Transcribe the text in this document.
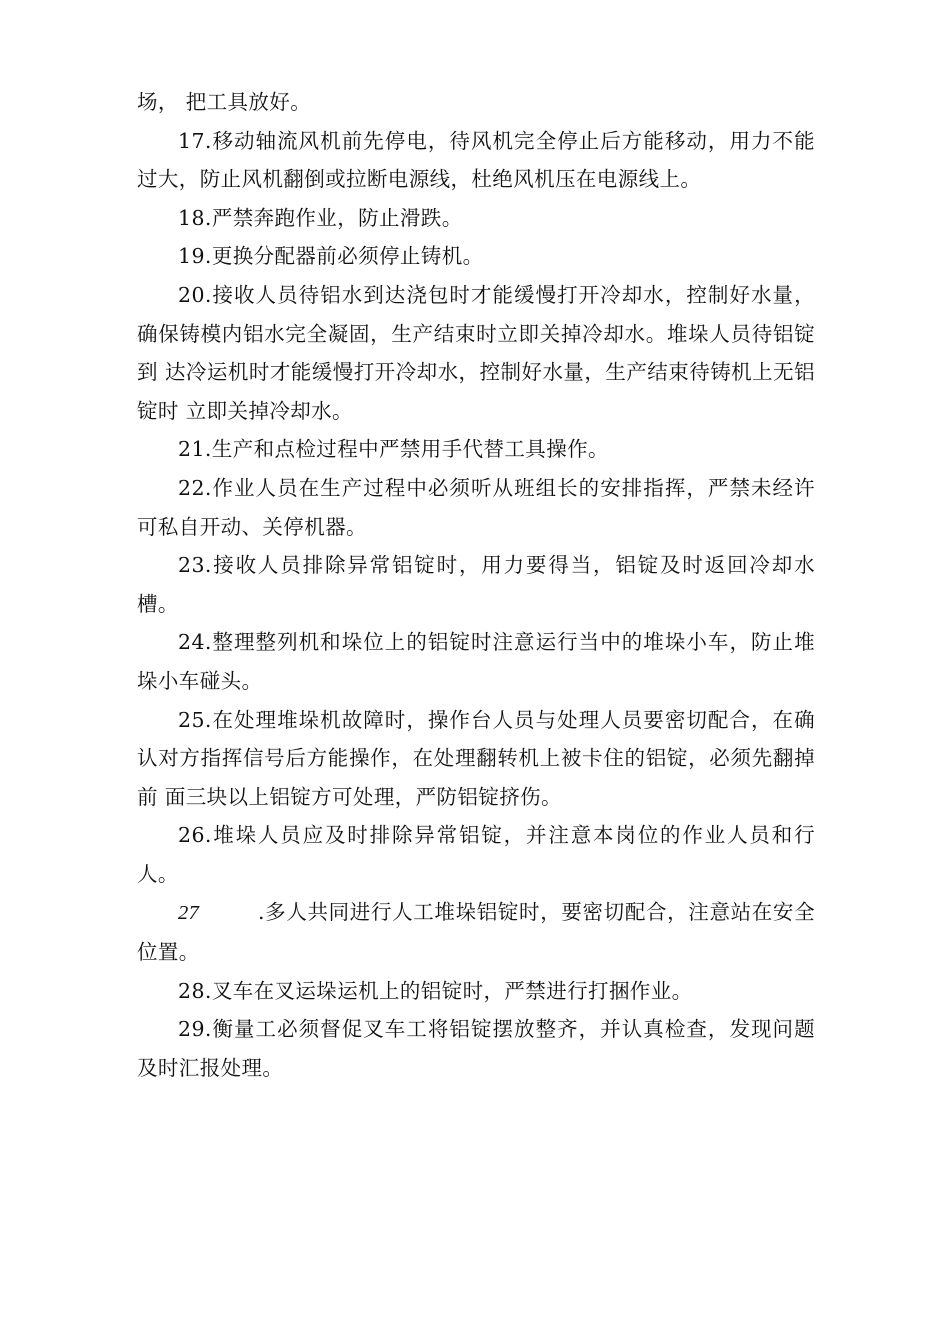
场， 把工具放好。

17.移动轴流风机前先停电，待风机完全停止后方能移动，用力不能 过大，防止风机翻倒或拉断电源线，杜绝风机压在电源线上。

18.严禁奔跑作业，防止滑跌。

19.更换分配器前必须停止铸机。

20.接收人员待铝水到达浇包时才能缓慢打开冷却水，控制好水量，确保铸模内铝水完全凝固，生产结束时立即关掉冷却水。堆垛人员待铝锭到 达冷运机时才能缓慢打开冷却水，控制好水量，生产结束待铸机上无铝锭时 立即关掉冷却水。

21.生产和点检过程中严禁用手代替工具操作。

22.作业人员在生产过程中必须听从班组长的安排指挥，严禁未经许可私自开动、关停机器。

23.接收人员排除异常铝锭时，用力要得当，铝锭及时返回冷却水槽。

24.整理整列机和垛位上的铝锭时注意运行当中的堆垛小车，防止堆垛小车碰头。

25.在处理堆垛机故障时，操作台人员与处理人员要密切配合，在确认对方指挥信号后方能操作，在处理翻转机上被卡住的铝锭，必须先翻掉前 面三块以上铝锭方可处理，严防铝锭挤伤。

26.堆垛人员应及时排除异常铝锭，并注意本岗位的作业人员和行人。

27	.多人共同进行人工堆垛铝锭时，要密切配合，注意站在安全位置。

28.叉车在叉运垛运机上的铝锭时，严禁进行打捆作业。

29.衡量工必须督促叉车工将铝锭摆放整齐，并认真检查，发现问题及时汇报处理。
